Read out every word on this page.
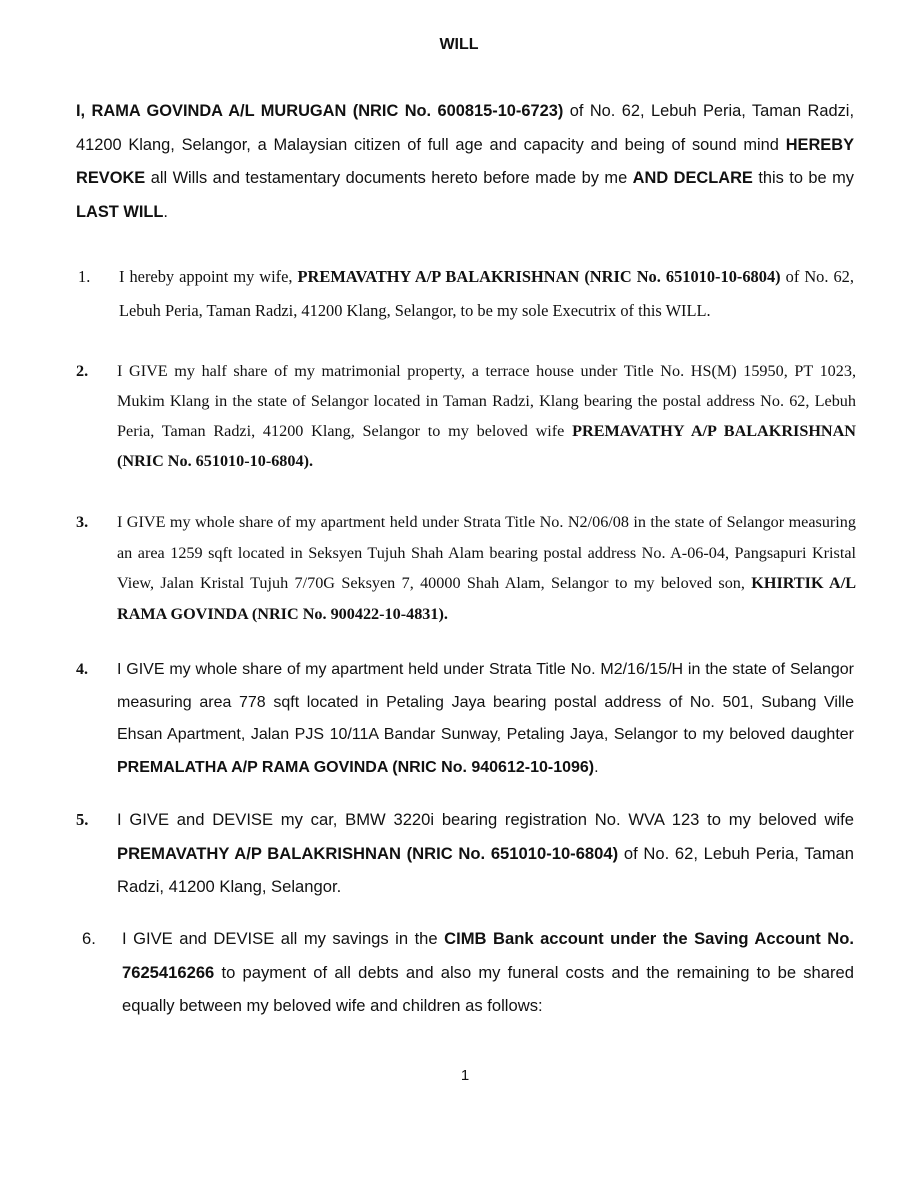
WILL

I, RAMA GOVINDA A/L MURUGAN (NRIC No. 600815-10-6723) of No. 62, Lebuh Peria, Taman Radzi, 41200 Klang, Selangor, a Malaysian citizen of full age and capacity and being of sound mind HEREBY REVOKE all Wills and testamentary documents hereto before made by me AND DECLARE this to be my LAST WILL.

1. I hereby appoint my wife, PREMAVATHY A/P BALAKRISHNAN (NRIC No. 651010-10-6804) of No. 62, Lebuh Peria, Taman Radzi, 41200 Klang, Selangor, to be my sole Executrix of this WILL.

2. I GIVE my half share of my matrimonial property, a terrace house under Title No. HS(M) 15950, PT 1023, Mukim Klang in the state of Selangor located in Taman Radzi, Klang bearing the postal address No. 62, Lebuh Peria, Taman Radzi, 41200 Klang, Selangor to my beloved wife PREMAVATHY A/P BALAKRISHNAN (NRIC No. 651010-10-6804).

3. I GIVE my whole share of my apartment held under Strata Title No. N2/06/08 in the state of Selangor measuring an area 1259 sqft located in Seksyen Tujuh Shah Alam bearing postal address No. A-06-04, Pangsapuri Kristal View, Jalan Kristal Tujuh 7/70G Seksyen 7, 40000 Shah Alam, Selangor to my beloved son, KHIRTIK A/L RAMA GOVINDA (NRIC No. 900422-10-4831).

4. I GIVE my whole share of my apartment held under Strata Title No. M2/16/15/H in the state of Selangor measuring area 778 sqft located in Petaling Jaya bearing postal address of No. 501, Subang Ville Ehsan Apartment, Jalan PJS 10/11A Bandar Sunway, Petaling Jaya, Selangor to my beloved daughter PREMALATHA A/P RAMA GOVINDA (NRIC No. 940612-10-1096).

5. I GIVE and DEVISE my car, BMW 3220i bearing registration No. WVA 123 to my beloved wife PREMAVATHY A/P BALAKRISHNAN (NRIC No. 651010-10-6804) of No. 62, Lebuh Peria, Taman Radzi, 41200 Klang, Selangor.

6. I GIVE and DEVISE all my savings in the CIMB Bank account under the Saving Account No. 7625416266 to payment of all debts and also my funeral costs and the remaining to be shared equally between my beloved wife and children as follows:

1
